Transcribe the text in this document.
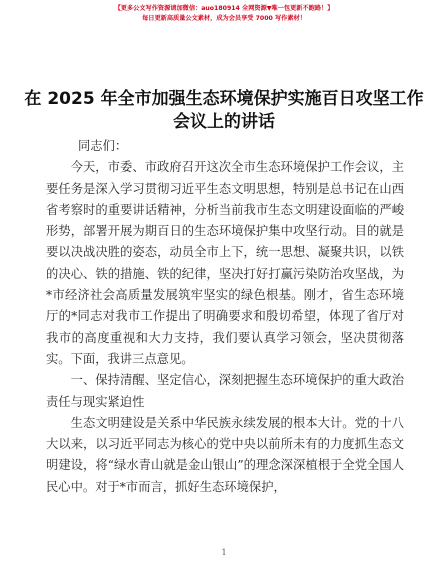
【更多公文写作资源请加微信：auo180914 全网资源▼唯一包更新不跑路！】
每日更新高质量公文素材，成为会员享受 7000 写作素材！
在 2025 年全市加强生态环境保护实施百日攻坚工作会议上的讲话

同志们：

今天，市委、市政府召开这次全市生态环境保护工作会议，主要任务是深入学习贯彻习近平生态文明思想，特别是总书记在山西省考察时的重要讲话精神，分析当前我市生态文明建设面临的严峻形势，部署开展为期百日的生态环境保护集中攻坚行动。目的就是要以决战决胜的姿态，动员全市上下，统一思想、凝聚共识，以铁的决心、铁的措施、铁的纪律，坚决打好打赢污染防治攻坚战，为*市经济社会高质量发展筑牢坚实的绿色根基。刚才，省生态环境厅的*同志对我市工作提出了明确要求和殷切希望，体现了省厅对我市的高度重视和大力支持，我们要认真学习领会，坚决贯彻落实。下面，我讲三点意见。

一、保持清醒、坚定信心，深刻把握生态环境保护的重大政治责任与现实紧迫性

生态文明建设是关系中华民族永续发展的根本大计。党的十八大以来，以习近平同志为核心的党中央以前所未有的力度抓生态文明建设，将“绿水青山就是金山银山”的理念深深植根于全党全国人民心中。对于*市而言，抓好生态环境保护，

1
